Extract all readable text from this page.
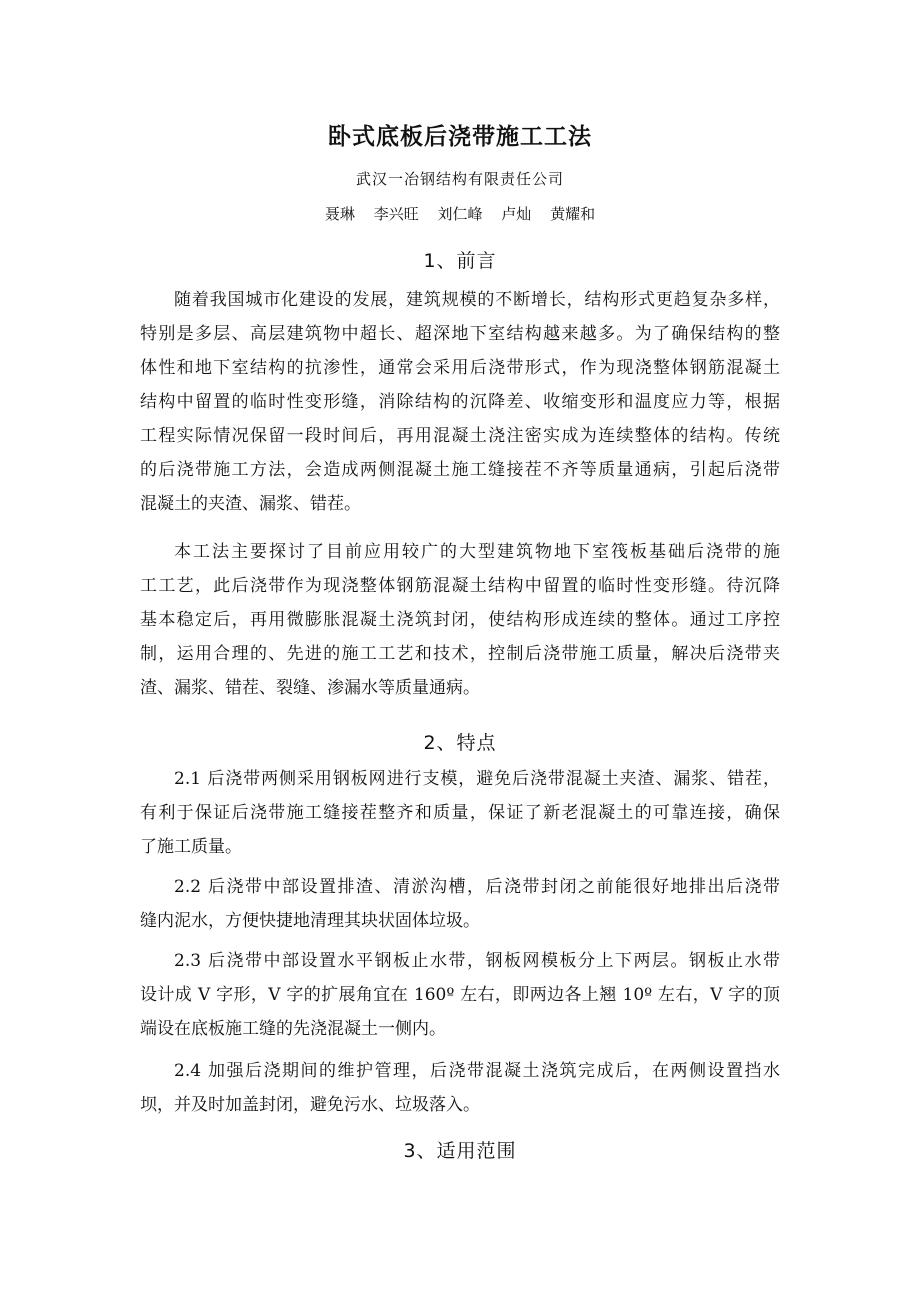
卧式底板后浇带施工工法
武汉一冶钢结构有限责任公司
聂琳 李兴旺 刘仁峰 卢灿 黄耀和
1、前言
随着我国城市化建设的发展，建筑规模的不断增长，结构形式更趋复杂多样，
特别是多层、高层建筑物中超长、超深地下室结构越来越多。为了确保结构的整
体性和地下室结构的抗渗性，通常会采用后浇带形式，作为现浇整体钢筋混凝土
结构中留置的临时性变形缝，消除结构的沉降差、收缩变形和温度应力等，根据
工程实际情况保留一段时间后，再用混凝土浇注密实成为连续整体的结构。传统
的后浇带施工方法，会造成两侧混凝土施工缝接茬不齐等质量通病，引起后浇带
混凝土的夹渣、漏浆、错茬。
本工法主要探讨了目前应用较广的大型建筑物地下室筏板基础后浇带的施
工工艺，此后浇带作为现浇整体钢筋混凝土结构中留置的临时性变形缝。待沉降
基本稳定后，再用微膨胀混凝土浇筑封闭，使结构形成连续的整体。通过工序控
制，运用合理的、先进的施工工艺和技术，控制后浇带施工质量，解决后浇带夹
渣、漏浆、错茬、裂缝、渗漏水等质量通病。
2、特点
2.1 后浇带两侧采用钢板网进行支模，避免后浇带混凝土夹渣、漏浆、错茬，
有利于保证后浇带施工缝接茬整齐和质量，保证了新老混凝土的可靠连接，确保
了施工质量。
2.2 后浇带中部设置排渣、清淤沟槽，后浇带封闭之前能很好地排出后浇带
缝内泥水，方便快捷地清理其块状固体垃圾。
2.3 后浇带中部设置水平钢板止水带，钢板网模板分上下两层。钢板止水带
设计成 V 字形，V 字的扩展角宜在 160º 左右，即两边各上翘 10º 左右，V 字的顶
端设在底板施工缝的先浇混凝土一侧内。
2.4 加强后浇期间的维护管理，后浇带混凝土浇筑完成后，在两侧设置挡水
坝，并及时加盖封闭，避免污水、垃圾落入。
3、适用范围
